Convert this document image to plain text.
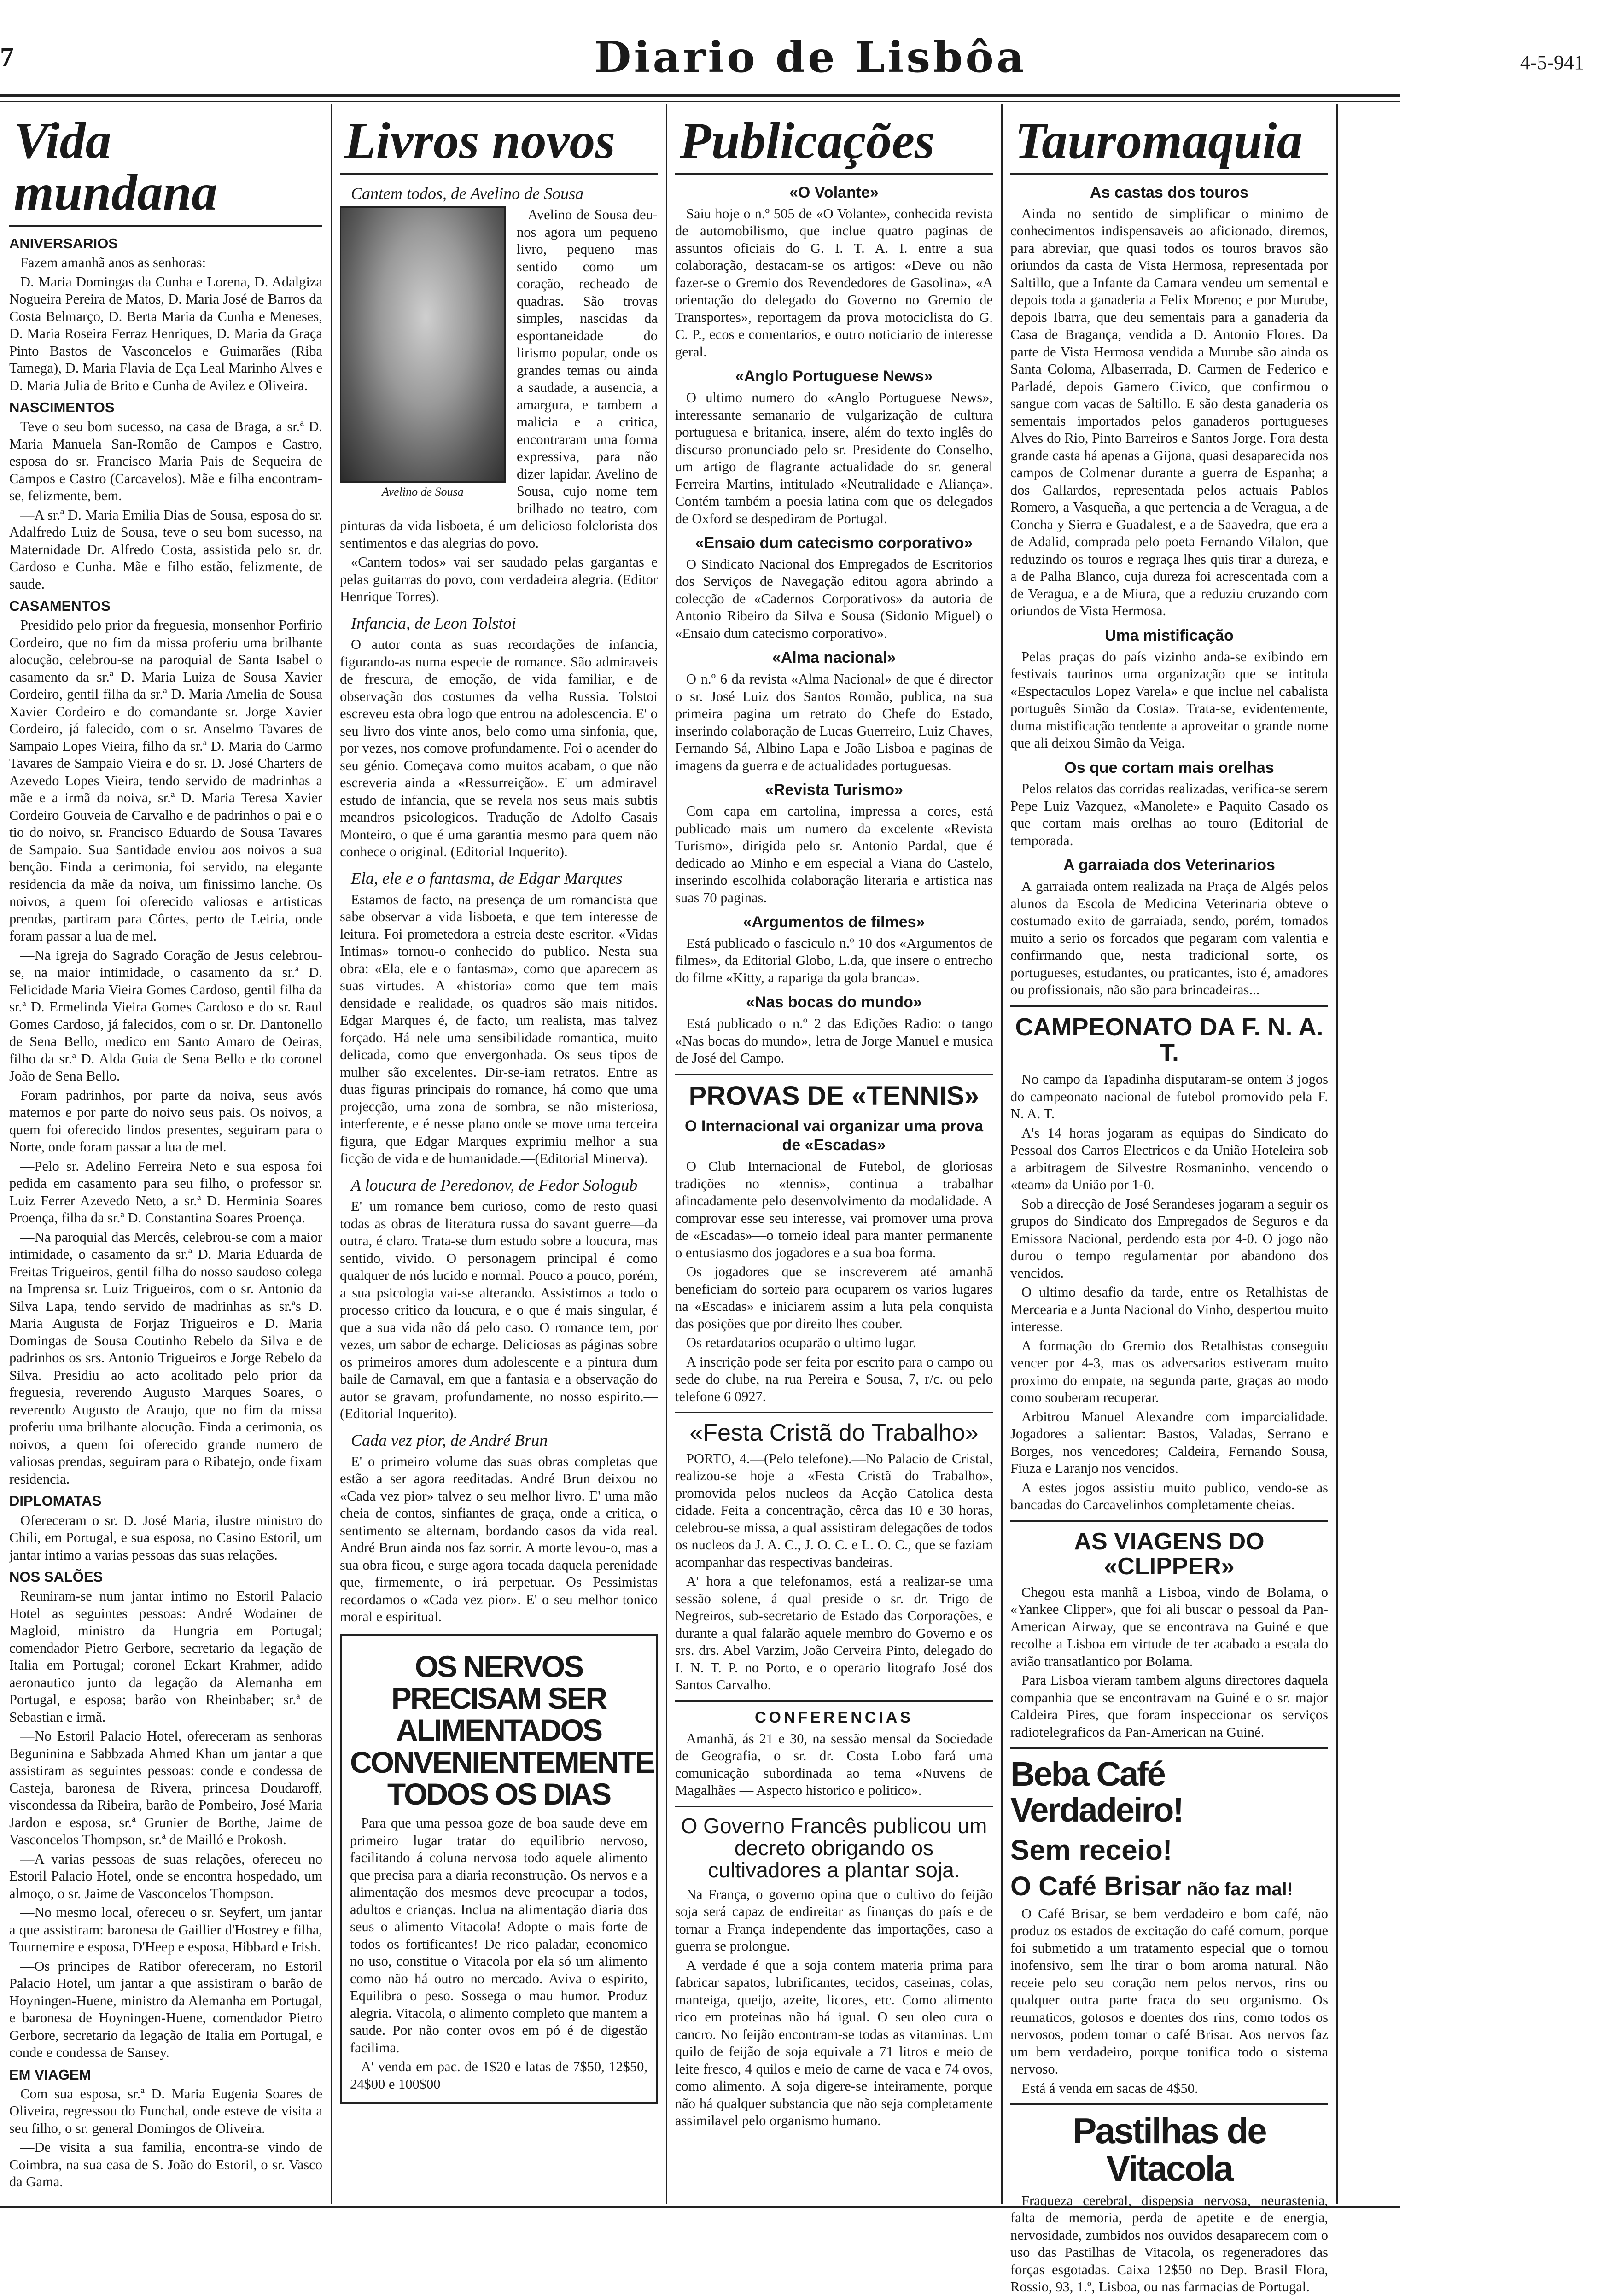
7	Diario de Lisbôa	4-5-941
Vida mundana
ANIVERSARIOS

Fazem amanhã anos as senhoras:

D. Maria Domingas da Cunha e Lorena, D. Adalgiza Nogueira Pereira de Matos, D. Maria José de Barros da Costa Belmarço, D. Berta Maria da Cunha e Meneses, D. Maria Roseira Ferraz Henriques, D. Maria da Graça Pinto Bastos de Vasconcelos e Guimarães (Riba Tamega), D. Maria Flavia de Eça Leal Marinho Alves e D. Maria Julia de Brito e Cunha de Avilez e Oliveira.

NASCIMENTOS

Teve o seu bom sucesso, na casa de Braga, a sr.ª D. Maria Manuela San-Romão de Campos e Castro, esposa do sr. Francisco Maria Pais de Sequeira de Campos e Castro (Carcavelos). Mãe e filha encontram-se, felizmente, bem.

—A sr.ª D. Maria Emilia Dias de Sousa, esposa do sr. Adalfredo Luiz de Sousa, teve o seu bom sucesso, na Maternidade Dr. Alfredo Costa, assistida pelo sr. dr. Cardoso e Cunha. Mãe e filho estão, felizmente, de saude.

CASAMENTOS

Presidido pelo prior da freguesia, monsenhor Porfirio Cordeiro, que no fim da missa proferiu uma brilhante alocução, celebrou-se na paroquial de Santa Isabel o casamento da sr.ª D. Maria Luiza de Sousa Xavier Cordeiro, gentil filha da sr.ª D. Maria Amelia de Sousa Xavier Cordeiro e do comandante sr. Jorge Xavier Cordeiro, já falecido, com o sr. Anselmo Tavares de Sampaio Lopes Vieira, filho da sr.ª D. Maria do Carmo Tavares de Sampaio Vieira e do sr. D. José Charters de Azevedo Lopes Vieira, tendo servido de madrinhas a mãe e a irmã da noiva, sr.ª D. Maria Teresa Xavier Cordeiro Gouveia de Carvalho e de padrinhos o pai e o tio do noivo, sr. Francisco Eduardo de Sousa Tavares de Sampaio. Sua Santidade enviou aos noivos a sua benção. Finda a cerimonia, foi servido, na elegante residencia da mãe da noiva, um finissimo lanche. Os noivos, a quem foi oferecido valiosas e artisticas prendas, partiram para Côrtes, perto de Leiria, onde foram passar a lua de mel.

—Na igreja do Sagrado Coração de Jesus celebrou-se, na maior intimidade, o casamento da sr.ª D. Felicidade Maria Vieira Gomes Cardoso, gentil filha da sr.ª D. Ermelinda Vieira Gomes Cardoso e do sr. Raul Gomes Cardoso, já falecidos, com o sr. Dr. Dantonello de Sena Bello, medico em Santo Amaro de Oeiras, filho da sr.ª D. Alda Guia de Sena Bello e do coronel João de Sena Bello.

Foram padrinhos, por parte da noiva, seus avós maternos e por parte do noivo seus pais. Os noivos, a quem foi oferecido lindos presentes, seguiram para o Norte, onde foram passar a lua de mel.

—Pelo sr. Adelino Ferreira Neto e sua esposa foi pedida em casamento para seu filho, o professor sr. Luiz Ferrer Azevedo Neto, a sr.ª D. Herminia Soares Proença, filha da sr.ª D. Constantina Soares Proença.

—Na paroquial das Mercês, celebrou-se com a maior intimidade, o casamento da sr.ª D. Maria Eduarda de Freitas Trigueiros, gentil filha do nosso saudoso colega na Imprensa sr. Luiz Trigueiros, com o sr. Antonio da Silva Lapa, tendo servido de madrinhas as sr.ªs D. Maria Augusta de Forjaz Trigueiros e D. Maria Domingas de Sousa Coutinho Rebelo da Silva e de padrinhos os srs. Antonio Trigueiros e Jorge Rebelo da Silva. Presidiu ao acto acolitado pelo prior da freguesia, reverendo Augusto Marques Soares, o reverendo Augusto de Araujo, que no fim da missa proferiu uma brilhante alocução. Finda a cerimonia, os noivos, a quem foi oferecido grande numero de valiosas prendas, seguiram para o Ribatejo, onde fixam residencia.

DIPLOMATAS

Ofereceram o sr. D. José Maria, ilustre ministro do Chili, em Portugal, e sua esposa, no Casino Estoril, um jantar intimo a varias pessoas das suas relações.

NOS SALÕES

Reuniram-se num jantar intimo no Estoril Palacio Hotel as seguintes pessoas: André Wodainer de Magloid, ministro da Hungria em Portugal; comendador Pietro Gerbore, secretario da legação de Italia em Portugal; coronel Eckart Krahmer, adido aeronautico junto da legação da Alemanha em Portugal, e esposa; barão von Rheinbaber; sr.ª de Sebastian e irmã.

—No Estoril Palacio Hotel, ofereceram as senhoras Beguninina e Sabbzada Ahmed Khan um jantar a que assistiram as seguintes pessoas: conde e condessa de Casteja, baronesa de Rivera, princesa Doudaroff, viscondessa da Ribeira, barão de Pombeiro, José Maria Jardon e esposa, sr.ª Grunier de Borthe, Jaime de Vasconcelos Thompson, sr.ª de Mailló e Prokosh.

—A varias pessoas de suas relações, ofereceu no Estoril Palacio Hotel, onde se encontra hospedado, um almoço, o sr. Jaime de Vasconcelos Thompson.

—No mesmo local, ofereceu o sr. Seyfert, um jantar a que assistiram: baronesa de Gaillier d'Hostrey e filha, Tournemire e esposa, D'Heep e esposa, Hibbard e Irish.

—Os principes de Ratibor ofereceram, no Estoril Palacio Hotel, um jantar a que assistiram o barão de Hoyningen-Huene, ministro da Alemanha em Portugal, e baronesa de Hoyningen-Huene, comendador Pietro Gerbore, secretario da legação de Italia em Portugal, e conde e condessa de Sansey.

EM VIAGEM

Com sua esposa, sr.ª D. Maria Eugenia Soares de Oliveira, regressou do Funchal, onde esteve de visita a seu filho, o sr. general Domingos de Oliveira.

—De visita a sua familia, encontra-se vindo de Coimbra, na sua casa de S. João do Estoril, o sr. Vasco da Gama.

Livros novos
Cantem todos, de Avelino de Sousa
Avelino de Sousa

Avelino de Sousa deu-nos agora um pequeno livro, pequeno mas sentido como um coração, recheado de quadras. São trovas simples, nascidas da espontaneidade do lirismo popular, onde os grandes temas ou ainda a saudade, a ausencia, a amargura, e tambem a malicia e a critica, encontraram uma forma expressiva, para não dizer lapidar. Avelino de Sousa, cujo nome tem brilhado no teatro, com pinturas da vida lisboeta, é um delicioso folclorista dos sentimentos e das alegrias do povo.

«Cantem todos» vai ser saudado pelas gargantas e pelas guitarras do povo, com verdadeira alegria. (Editor Henrique Torres).

Infancia, de Leon Tolstoi

O autor conta as suas recordações de infancia, figurando-as numa especie de romance. São admiraveis de frescura, de emoção, de vida familiar, e de observação dos costumes da velha Russia. Tolstoi escreveu esta obra logo que entrou na adolescencia. E' o seu livro dos vinte anos, belo como uma sinfonia, que, por vezes, nos comove profundamente. Foi o acender do seu génio. Começava como muitos acabam, o que não escreveria ainda a «Ressurreição». E' um admiravel estudo de infancia, que se revela nos seus mais subtis meandros psicologicos. Tradução de Adolfo Casais Monteiro, o que é uma garantia mesmo para quem não conhece o original. (Editorial Inquerito).

Ela, ele e o fantasma, de Edgar Marques

Estamos de facto, na presença de um romancista que sabe observar a vida lisboeta, e que tem interesse de leitura. Foi prometedora a estreia deste escritor. «Vidas Intimas» tornou-o conhecido do publico. Nesta sua obra: «Ela, ele e o fantasma», como que aparecem as suas virtudes. A «historia» como que tem mais densidade e realidade, os quadros são mais nitidos. Edgar Marques é, de facto, um realista, mas talvez forçado. Há nele uma sensibilidade romantica, muito delicada, como que envergonhada. Os seus tipos de mulher são excelentes. Dir-se-iam retratos. Entre as duas figuras principais do romance, há como que uma projecção, uma zona de sombra, se não misteriosa, interferente, e é nesse plano onde se move uma terceira figura, que Edgar Marques exprimiu melhor a sua ficção de vida e de humanidade.—(Editorial Minerva).

A loucura de Peredonov, de Fedor Sologub

E' um romance bem curioso, como de resto quasi todas as obras de literatura russa do savant guerre—da outra, é claro. Trata-se dum estudo sobre a loucura, mas sentido, vivido. O personagem principal é como qualquer de nós lucido e normal. Pouco a pouco, porém, a sua psicologia vai-se alterando. Assistimos a todo o processo critico da loucura, e o que é mais singular, é que a sua vida não dá pelo caso. O romance tem, por vezes, um sabor de echarge. Deliciosas as páginas sobre os primeiros amores dum adolescente e a pintura dum baile de Carnaval, em que a fantasia e a observação do autor se gravam, profundamente, no nosso espirito.—(Editorial Inquerito).

Cada vez pior, de André Brun

E' o primeiro volume das suas obras completas que estão a ser agora reeditadas. André Brun deixou no «Cada vez pior» talvez o seu melhor livro. E' uma mão cheia de contos, sinfiantes de graça, onde a critica, o sentimento se alternam, bordando casos da vida real. André Brun ainda nos faz sorrir. A morte levou-o, mas a sua obra ficou, e surge agora tocada daquela perenidade que, firmemente, o irá perpetuar. Os Pessimistas recordamos o «Cada vez pior». E' o seu melhor tonico moral e espiritual.

OS NERVOS PRECISAM SER ALIMENTADOS CONVENIENTEMENTE TODOS OS DIAS

Para que uma pessoa goze de boa saude deve em primeiro lugar tratar do equilibrio nervoso, facilitando á coluna nervosa todo aquele alimento que precisa para a diaria reconstrução. Os nervos e a alimentação dos mesmos deve preocupar a todos, adultos e crianças. Inclua na alimentação diaria dos seus o alimento Vitacola! Adopte o mais forte de todos os fortificantes! De rico paladar, economico no uso, constitue o Vitacola por ela só um alimento como não há outro no mercado. Aviva o espirito, Equilibra o peso. Sossega o mau humor. Produz alegria. Vitacola, o alimento completo que mantem a saude. Por não conter ovos em pó é de digestão facilima.

A' venda em pac. de 1$20 e latas de 7$50, 12$50, 24$00 e 100$00

Publicações
«O Volante»

Saiu hoje o n.º 505 de «O Volante», conhecida revista de automobilismo, que inclue quatro paginas de assuntos oficiais do G. I. T. A. I. entre a sua colaboração, destacam-se os artigos: «Deve ou não fazer-se o Gremio dos Revendedores de Gasolina», «A orientação do delegado do Governo no Gremio de Transportes», reportagem da prova motociclista do G. C. P., ecos e comentarios, e outro noticiario de interesse geral.

«Anglo Portuguese News»

O ultimo numero do «Anglo Portuguese News», interessante semanario de vulgarização de cultura portuguesa e britanica, insere, além do texto inglês do discurso pronunciado pelo sr. Presidente do Conselho, um artigo de flagrante actualidade do sr. general Ferreira Martins, intitulado «Neutralidade e Aliança». Contém também a poesia latina com que os delegados de Oxford se despediram de Portugal.

«Ensaio dum catecismo corporativo»

O Sindicato Nacional dos Empregados de Escritorios dos Serviços de Navegação editou agora abrindo a colecção de «Cadernos Corporativos» da autoria de Antonio Ribeiro da Silva e Sousa (Sidonio Miguel) o «Ensaio dum catecismo corporativo».

«Alma nacional»

O n.º 6 da revista «Alma Nacional» de que é director o sr. José Luiz dos Santos Romão, publica, na sua primeira pagina um retrato do Chefe do Estado, inserindo colaboração de Lucas Guerreiro, Luiz Chaves, Fernando Sá, Albino Lapa e João Lisboa e paginas de imagens da guerra e de actualidades portuguesas.

«Revista Turismo»

Com capa em cartolina, impressa a cores, está publicado mais um numero da excelente «Revista Turismo», dirigida pelo sr. Antonio Pardal, que é dedicado ao Minho e em especial a Viana do Castelo, inserindo escolhida colaboração literaria e artistica nas suas 70 paginas.

«Argumentos de filmes»

Está publicado o fasciculo n.º 10 dos «Argumentos de filmes», da Editorial Globo, L.da, que insere o entrecho do filme «Kitty, a rapariga da gola branca».

«Nas bocas do mundo»

Está publicado o n.º 2 das Edições Radio: o tango «Nas bocas do mundo», letra de Jorge Manuel e musica de José del Campo.

PROVAS DE «TENNIS»
O Internacional vai organizar uma prova de «Escadas»

O Club Internacional de Futebol, de gloriosas tradições no «tennis», continua a trabalhar afincadamente pelo desenvolvimento da modalidade. A comprovar esse seu interesse, vai promover uma prova de «Escadas»—o torneio ideal para manter permanente o entusiasmo dos jogadores e a sua boa forma.

Os jogadores que se inscreverem até amanhã beneficiam do sorteio para ocuparem os varios lugares na «Escadas» e iniciarem assim a luta pela conquista das posições que por direito lhes couber.

Os retardatarios ocuparão o ultimo lugar.

A inscrição pode ser feita por escrito para o campo ou sede do clube, na rua Pereira e Sousa, 7, r/c. ou pelo telefone 6 0927.

«Festa Cristã do Trabalho»

PORTO, 4.—(Pelo telefone).—No Palacio de Cristal, realizou-se hoje a «Festa Cristã do Trabalho», promovida pelos nucleos da Acção Catolica desta cidade. Feita a concentração, cêrca das 10 e 30 horas, celebrou-se missa, a qual assistiram delegações de todos os nucleos da J. A. C., J. O. C. e L. O. C., que se faziam acompanhar das respectivas bandeiras.

A' hora a que telefonamos, está a realizar-se uma sessão solene, á qual preside o sr. dr. Trigo de Negreiros, sub-secretario de Estado das Corporações, e durante a qual falarão aquele membro do Governo e os srs. drs. Abel Varzim, João Cerveira Pinto, delegado do I. N. T. P. no Porto, e o operario litografo José dos Santos Carvalho.

CONFERENCIAS

Amanhã, ás 21 e 30, na sessão mensal da Sociedade de Geografia, o sr. dr. Costa Lobo fará uma comunicação subordinada ao tema «Nuvens de Magalhães — Aspecto historico e politico».

O Governo Francês publicou um decreto obrigando os cultivadores a plantar soja.

Na França, o governo opina que o cultivo do feijão soja será capaz de endireitar as finanças do país e de tornar a França independente das importações, caso a guerra se prolongue.

A verdade é que a soja contem materia prima para fabricar sapatos, lubrificantes, tecidos, caseinas, colas, manteiga, queijo, azeite, licores, etc. Como alimento rico em proteinas não há igual. O seu oleo cura o cancro. No feijão encontram-se todas as vitaminas. Um quilo de feijão de soja equivale a 71 litros e meio de leite fresco, 4 quilos e meio de carne de vaca e 74 ovos, como alimento. A soja digere-se inteiramente, porque não há qualquer substancia que não seja completamente assimilavel pelo organismo humano.

Tauromaquia
As castas dos touros

Ainda no sentido de simplificar o minimo de conhecimentos indispensaveis ao aficionado, diremos, para abreviar, que quasi todos os touros bravos são oriundos da casta de Vista Hermosa, representada por Saltillo, que a Infante da Camara vendeu um semental e depois toda a ganaderia a Felix Moreno; e por Murube, depois Ibarra, que deu sementais para a ganaderia da Casa de Bragança, vendida a D. Antonio Flores. Da parte de Vista Hermosa vendida a Murube são ainda os Santa Coloma, Albaserrada, D. Carmen de Federico e Parladé, depois Gamero Civico, que confirmou o sangue com vacas de Saltillo. E são desta ganaderia os sementais importados pelos ganaderos portugueses Alves do Rio, Pinto Barreiros e Santos Jorge. Fora desta grande casta há apenas a Gijona, quasi desaparecida nos campos de Colmenar durante a guerra de Espanha; a dos Gallardos, representada pelos actuais Pablos Romero, a Vasqueña, a que pertencia a de Veragua, a de Concha y Sierra e Guadalest, e a de Saavedra, que era a de Adalid, comprada pelo poeta Fernando Vilalon, que reduzindo os touros e regraça lhes quis tirar a dureza, e a de Palha Blanco, cuja dureza foi acrescentada com a de Veragua, e a de Miura, que a reduziu cruzando com oriundos de Vista Hermosa.

Uma mistificação

Pelas praças do país vizinho anda-se exibindo em festivais taurinos uma organização que se intitula «Espectaculos Lopez Varela» e que inclue nel cabalista português Simão da Costa». Trata-se, evidentemente, duma mistificação tendente a aproveitar o grande nome que ali deixou Simão da Veiga.

Os que cortam mais orelhas

Pelos relatos das corridas realizadas, verifica-se serem Pepe Luiz Vazquez, «Manolete» e Paquito Casado os que cortam mais orelhas ao touro (Editorial de temporada.

A garraiada dos Veterinarios

A garraiada ontem realizada na Praça de Algés pelos alunos da Escola de Medicina Veterinaria obteve o costumado exito de garraiada, sendo, porém, tomados muito a serio os forcados que pegaram com valentia e confirmando que, nesta tradicional sorte, os portugueses, estudantes, ou praticantes, isto é, amadores ou profissionais, não são para brincadeiras...

CAMPEONATO DA F. N. A. T.

No campo da Tapadinha disputaram-se ontem 3 jogos do campeonato nacional de futebol promovido pela F. N. A. T.

A's 14 horas jogaram as equipas do Sindicato do Pessoal dos Carros Electricos e da União Hoteleira sob a arbitragem de Silvestre Rosmaninho, vencendo o «team» da União por 1-0.

Sob a direcção de José Serandeses jogaram a seguir os grupos do Sindicato dos Empregados de Seguros e da Emissora Nacional, perdendo esta por 4-0. O jogo não durou o tempo regulamentar por abandono dos vencidos.

O ultimo desafio da tarde, entre os Retalhistas de Mercearia e a Junta Nacional do Vinho, despertou muito interesse.

A formação do Gremio dos Retalhistas conseguiu vencer por 4-3, mas os adversarios estiveram muito proximo do empate, na segunda parte, graças ao modo como souberam recuperar.

Arbitrou Manuel Alexandre com imparcialidade. Jogadores a salientar: Bastos, Valadas, Serrano e Borges, nos vencedores; Caldeira, Fernando Sousa, Fiuza e Laranjo nos vencidos.

A estes jogos assistiu muito publico, vendo-se as bancadas do Carcavelinhos completamente cheias.

AS VIAGENS DO «CLIPPER»

Chegou esta manhã a Lisboa, vindo de Bolama, o «Yankee Clipper», que foi ali buscar o pessoal da Pan-American Airway, que se encontrava na Guiné e que recolhe a Lisboa em virtude de ter acabado a escala do avião transatlantico por Bolama.

Para Lisboa vieram tambem alguns directores daquela companhia que se encontravam na Guiné e o sr. major Caldeira Pires, que foram inspeccionar os serviços radiotelegraficos da Pan-American na Guiné.

Beba Café Verdadeiro!
Sem receio!
O Café Brisar não faz mal!

O Café Brisar, se bem verdadeiro e bom café, não produz os estados de excitação do café comum, porque foi submetido a um tratamento especial que o tornou inofensivo, sem lhe tirar o bom aroma natural. Não receie pelo seu coração nem pelos nervos, rins ou qualquer outra parte fraca do seu organismo. Os reumaticos, gotosos e doentes dos rins, como todos os nervosos, podem tomar o café Brisar. Aos nervos faz um bem verdadeiro, porque tonifica todo o sistema nervoso.

Está á venda em sacas de 4$50.

Pastilhas de Vitacola

Fraqueza cerebral, dispepsia nervosa, neurastenia, falta de memoria, perda de apetite e de energia, nervosidade, zumbidos nos ouvidos desaparecem com o uso das Pastilhas de Vitacola, os regeneradores das forças esgotadas. Caixa 12$50 no Dep. Brasil Flora, Rossio, 93, 1.º, Lisboa, ou nas farmacias de Portugal.
